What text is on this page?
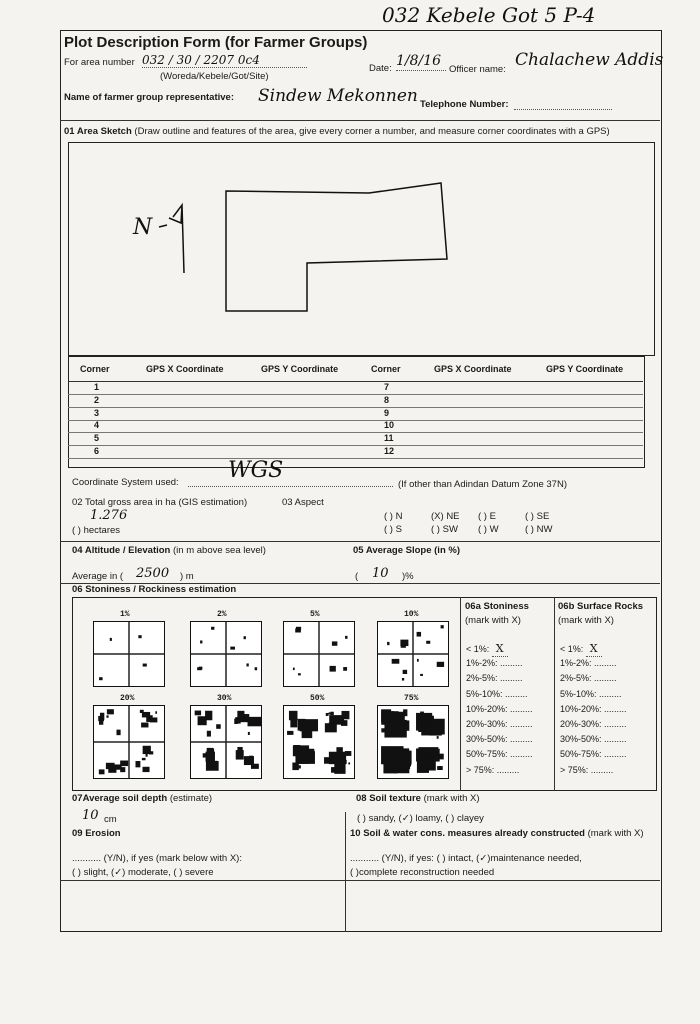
032 Kebele Got 5 P-4
Plot Description Form (for Farmer Groups)
For area number 032 / 30 / 2207 0c4
(Woreda/Kebele/Got/Site)
Date: 1/8/16
Officer name: Chalachew Addis
Name of farmer group representative: Sindew Mekonnen Telephone Number:
01 Area Sketch (Draw outline and features of the area, give every corner a number, and measure corner coordinates with a GPS)
N
Corner	GPS X Coordinate	GPS Y Coordinate	Corner	GPS X Coordinate	GPS Y Coordinate
1	7
2	8
3	9
4	10
5	11
6	12
Coordinate System used: WGS
(If other than Adindan Datum Zone 37N)
02 Total gross area in ha (GIS estimation)	03 Aspect
1.276
( ) hectares
( ) N	(X) NE ( ) E	( ) SE
( ) S	( ) SW ( ) W	( ) NW
04 Altitude / Elevation (in m above sea level)	05 Average Slope (in %)
Average in ( 2500 ) m	( 10 )%
06 Stoniness / Rockiness estimation
1%	2%	5%	10%
20%	30%	50%	75%
06a Stoniness
(mark with X)
06b Surface Rocks
(mark with X)
< 1%: X
1%-2%: .........
2%-5%: .........
5%-10%: .........
10%-20%: .........
20%-30%: .........
30%-50%: .........
50%-75%: .........
> 75%: .........
< 1%: X
1%-2%: .........
2%-5%: .........
5%-10%: .........
10%-20%: .........
20%-30%: .........
30%-50%: .........
50%-75%: .........
> 75%: .........
07Average soil depth (estimate)
10 cm
08 Soil texture (mark with X)
( ) sandy, (✓) loamy, ( ) clayey
09 Erosion	10 Soil & water cons. measures already constructed (mark with X)
........... (Y/N), if yes (mark below with X):
( ) slight, (✓) moderate, ( ) severe
........... (Y/N), if yes: ( ) intact, (✓)maintenance needed,
( )complete reconstruction needed
